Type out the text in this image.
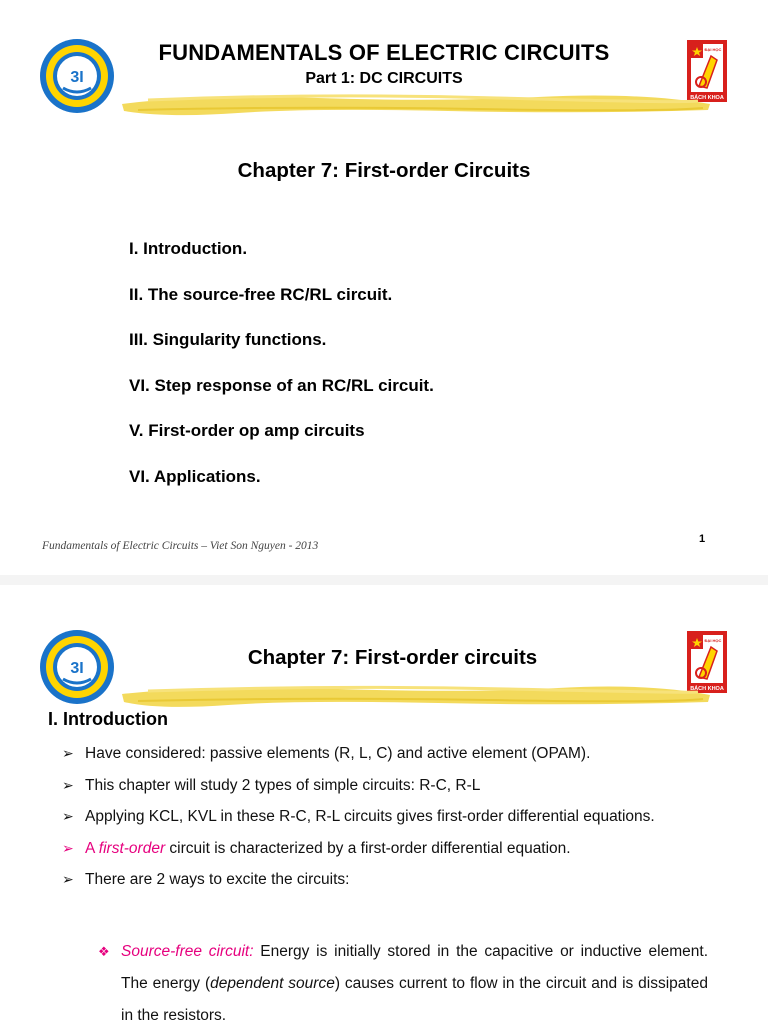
3I
ĐẠI HỌC
BÁCH KHOA
FUNDAMENTALS OF ELECTRIC CIRCUITS
Part 1: DC CIRCUITS
Chapter 7: First-order Circuits
I. Introduction.
II. The source-free RC/RL circuit.
III. Singularity functions.
VI. Step response of an RC/RL circuit.
V. First-order op amp circuits
VI. Applications.
Fundamentals of Electric Circuits – Viet Son Nguyen - 2013
1
3I
ĐẠI HỌC
BÁCH KHOA
Chapter 7: First-order circuits
I. Introduction
➢ Have considered: passive elements (R, L, C) and active element (OPAM).
➢ This chapter will study 2 types of simple circuits: R-C, R-L
➢ Applying KCL, KVL in these R-C, R-L circuits gives first-order differential equations.
➢ A first-order circuit is characterized by a first-order differential equation.
➢ There are 2 ways to excite the circuits:
❖ Source-free circuit: Energy is initially stored in the capacitive or inductive element. The energy (dependent source) causes current to flow in the circuit and is dissipated in the resistors.
